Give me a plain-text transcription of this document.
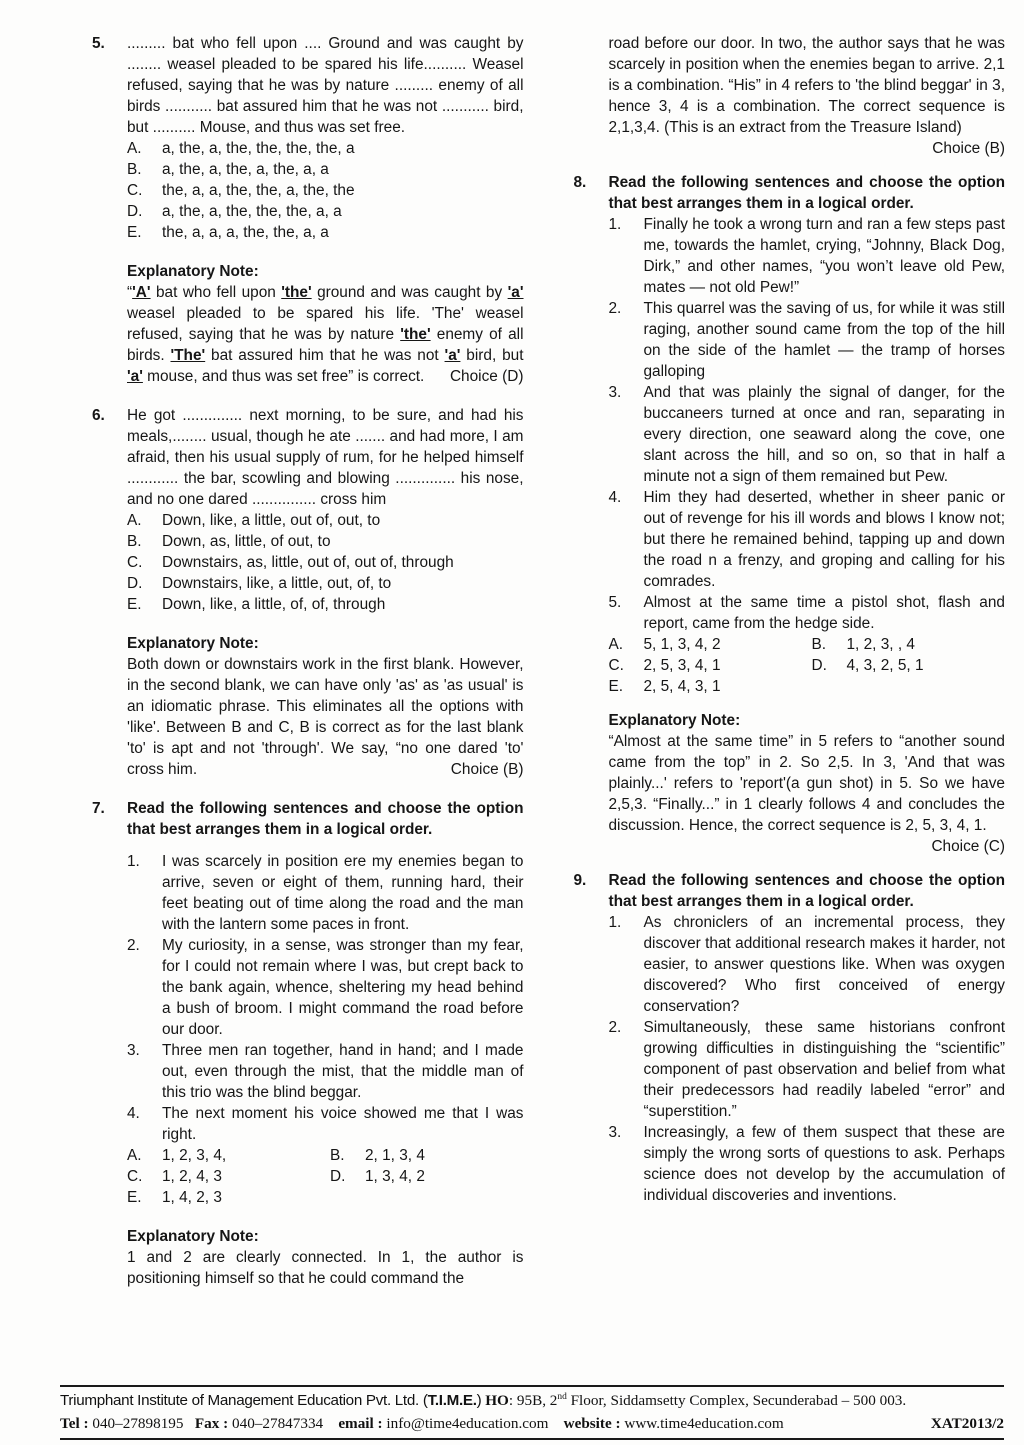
5.	......... bat who fell upon .... Ground and was caught by ........ weasel pleaded to be spared his life.......... Weasel refused, saying that he was by nature ......... enemy of all birds ........... bat assured him that he was not ........... bird, but .......... Mouse, and thus was set free.

A.	a, the, a, the, the, the, the, a
B.	a, the, a, the, a, the, a, a
C.	the, a, a, the, the, a, the, the
D.	a, the, a, the, the, the, a, a
E.	the, a, a, a, the, the, a, a

Explanatory Note:

“'A' bat who fell upon 'the' ground and was caught by 'a' weasel pleaded to be spared his life. 'The' weasel refused, saying that he was by nature 'the' enemy of all birds. 'The' bat assured him that he was not 'a' bird, but 'a' mouse, and thus was set free” is correct. Choice (D)

6.	He got .............. next morning, to be sure, and had his meals,........ usual, though he ate ....... and had more, I am afraid, then his usual supply of rum, for he helped himself ............ the bar, scowling and blowing .............. his nose, and no one dared ............... cross him

A.	Down, like, a little, out of, out, to
B.	Down, as, little, of out, to
C.	Downstairs, as, little, out of, out of, through
D.	Downstairs, like, a little, out, of, to
E.	Down, like, a little, of, of, through

Explanatory Note:

Both down or downstairs work in the first blank. However, in the second blank, we can have only 'as' as 'as usual' is an idiomatic phrase. This eliminates all the options with 'like'. Between B and C, B is correct as for the last blank 'to' is apt and not 'through'. We say, “no one dared 'to' cross him.	Choice (B)

7.	Read the following sentences and choose the option that best arranges them in a logical order.

1.	I was scarcely in position ere my enemies began to arrive, seven or eight of them, running hard, their feet beating out of time along the road and the man with the lantern some paces in front.
2.	My curiosity, in a sense, was stronger than my fear, for I could not remain where I was, but crept back to the bank again, whence, sheltering my head behind a bush of broom. I might command the road before our door.
3.	Three men ran together, hand in hand; and I made out, even through the mist, that the middle man of this trio was the blind beggar.
4.	The next moment his voice showed me that I was right.
A.	1, 2, 3, 4,	B.	2, 1, 3, 4
C.	1, 2, 4, 3	D.	1, 3, 4, 2
E.	1, 4, 2, 3

Explanatory Note:

1 and 2 are clearly connected. In 1, the author is positioning himself so that he could command the

road before our door. In two, the author says that he was scarcely in position when the enemies began to arrive. 2,1 is a combination. “His” in 4 refers to 'the blind beggar' in 3, hence 3, 4 is a combination. The correct sequence is 2,1,3,4. (This is an extract from the Treasure Island)

Choice (B)
8.	Read the following sentences and choose the option that best arranges them in a logical order.

1.	Finally he took a wrong turn and ran a few steps past me, towards the hamlet, crying, “Johnny, Black Dog, Dirk,” and other names, “you won’t leave old Pew, mates — not old Pew!”
2.	This quarrel was the saving of us, for while it was still raging, another sound came from the top of the hill on the side of the hamlet — the tramp of horses galloping
3.	And that was plainly the signal of danger, for the buccaneers turned at once and ran, separating in every direction, one seaward along the cove, one slant across the hill, and so on, so that in half a minute not a sign of them remained but Pew.
4.	Him they had deserted, whether in sheer panic or out of revenge for his ill words and blows I know not; but there he remained behind, tapping up and down the road n a frenzy, and groping and calling for his comrades.
5.	Almost at the same time a pistol shot, flash and report, came from the hedge side.
A.	5, 1, 3, 4, 2	B.	1, 2, 3, , 4
C.	2, 5, 3, 4, 1	D.	4, 3, 2, 5, 1
E.	2, 5, 4, 3, 1

Explanatory Note:

“Almost at the same time” in 5 refers to “another sound came from the top” in 2. So 2,5. In 3, 'And that was plainly...' refers to 'report'(a gun shot) in 5. So we have 2,5,3. “Finally...” in 1 clearly follows 4 and concludes the discussion. Hence, the correct sequence is 2, 5, 3, 4, 1.

Choice (C)
9.	Read the following sentences and choose the option that best arranges them in a logical order.

1.	As chroniclers of an incremental process, they discover that additional research makes it harder, not easier, to answer questions like. When was oxygen discovered? Who first conceived of energy conservation?
2.	Simultaneously, these same historians confront growing difficulties in distinguishing the “scientific” component of past observation and belief from what their predecessors had readily labeled “error” and “superstition.”
3.	Increasingly, a few of them suspect that these are simply the wrong sorts of questions to ask. Perhaps science does not develop by the accumulation of individual discoveries and inventions.
Triumphant Institute of Management Education Pvt. Ltd. (T.I.M.E.) HO: 95B, 2nd Floor, Siddamsetty Complex, Secunderabad – 500 003.
Tel : 040–27898195   Fax : 040–27847334    email : info@time4education.com    website : www.time4education.com	XAT2013/2
